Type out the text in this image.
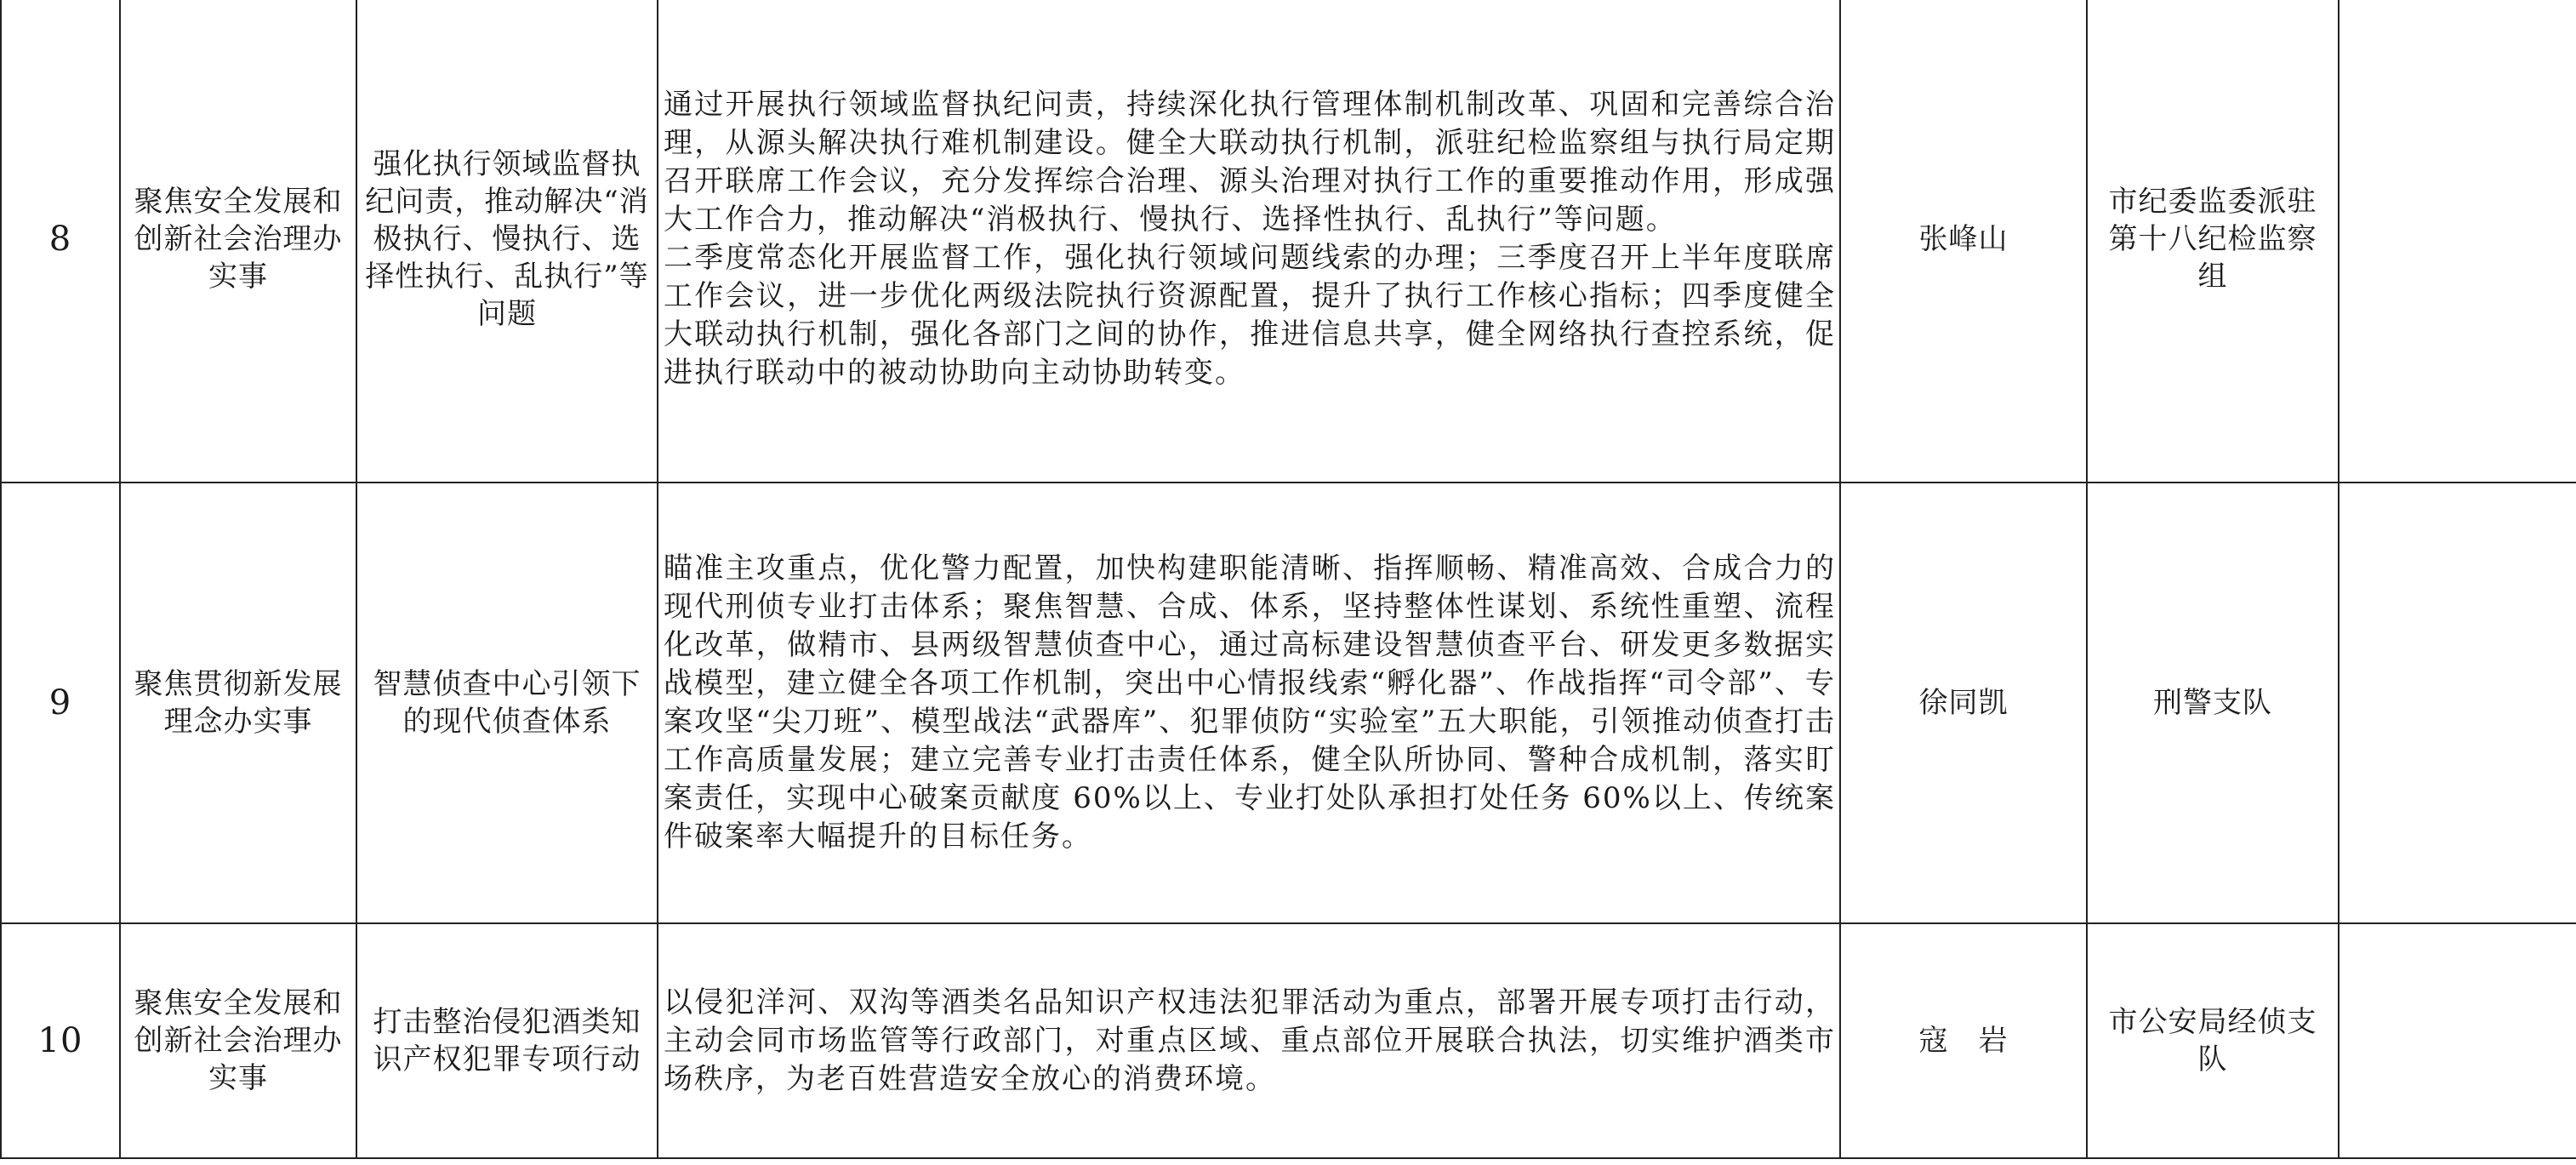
8	聚焦安全发展和创新社会治理办实事	强化执行领域监督执纪问责，推动解决“消极执行、慢执行、选择性执行、乱执行”等问题	通过开展执行领域监督执纪问责，持续深化执行管理体制机制改革、巩固和完善综合治理，从源头解决执行难机制建设。健全大联动执行机制，派驻纪检监察组与执行局定期召开联席工作会议，充分发挥综合治理、源头治理对执行工作的重要推动作用，形成强大工作合力，推动解决“消极执行、慢执行、选择性执行、乱执行”等问题。
二季度常态化开展监督工作，强化执行领域问题线索的办理；三季度召开上半年度联席工作会议，进一步优化两级法院执行资源配置，提升了执行工作核心指标；四季度健全大联动执行机制，强化各部门之间的协作，推进信息共享，健全网络执行查控系统，促进执行联动中的被动协助向主动协助转变。	张峰山	市纪委监委派驻第十八纪检监察组	
9	聚焦贯彻新发展理念办实事	智慧侦查中心引领下的现代侦查体系	瞄准主攻重点，优化警力配置，加快构建职能清晰、指挥顺畅、精准高效、合成合力的现代刑侦专业打击体系；聚焦智慧、合成、体系，坚持整体性谋划、系统性重塑、流程化改革，做精市、县两级智慧侦查中心，通过高标建设智慧侦查平台、研发更多数据实战模型，建立健全各项工作机制，突出中心情报线索“孵化器”、作战指挥“司令部”、专案攻坚“尖刀班”、模型战法“武器库”、犯罪侦防“实验室”五大职能，引领推动侦查打击工作高质量发展；建立完善专业打击责任体系，健全队所协同、警种合成机制，落实盯案责任，实现中心破案贡献度 60%以上、专业打处队承担打处任务 60%以上、传统案件破案率大幅提升的目标任务。	徐同凯	刑警支队	
10	聚焦安全发展和创新社会治理办实事	打击整治侵犯酒类知识产权犯罪专项行动	以侵犯洋河、双沟等酒类名品知识产权违法犯罪活动为重点，部署开展专项打击行动，主动会同市场监管等行政部门，对重点区域、重点部位开展联合执法，切实维护酒类市场秩序，为老百姓营造安全放心的消费环境。	寇　岩	市公安局经侦支队	
